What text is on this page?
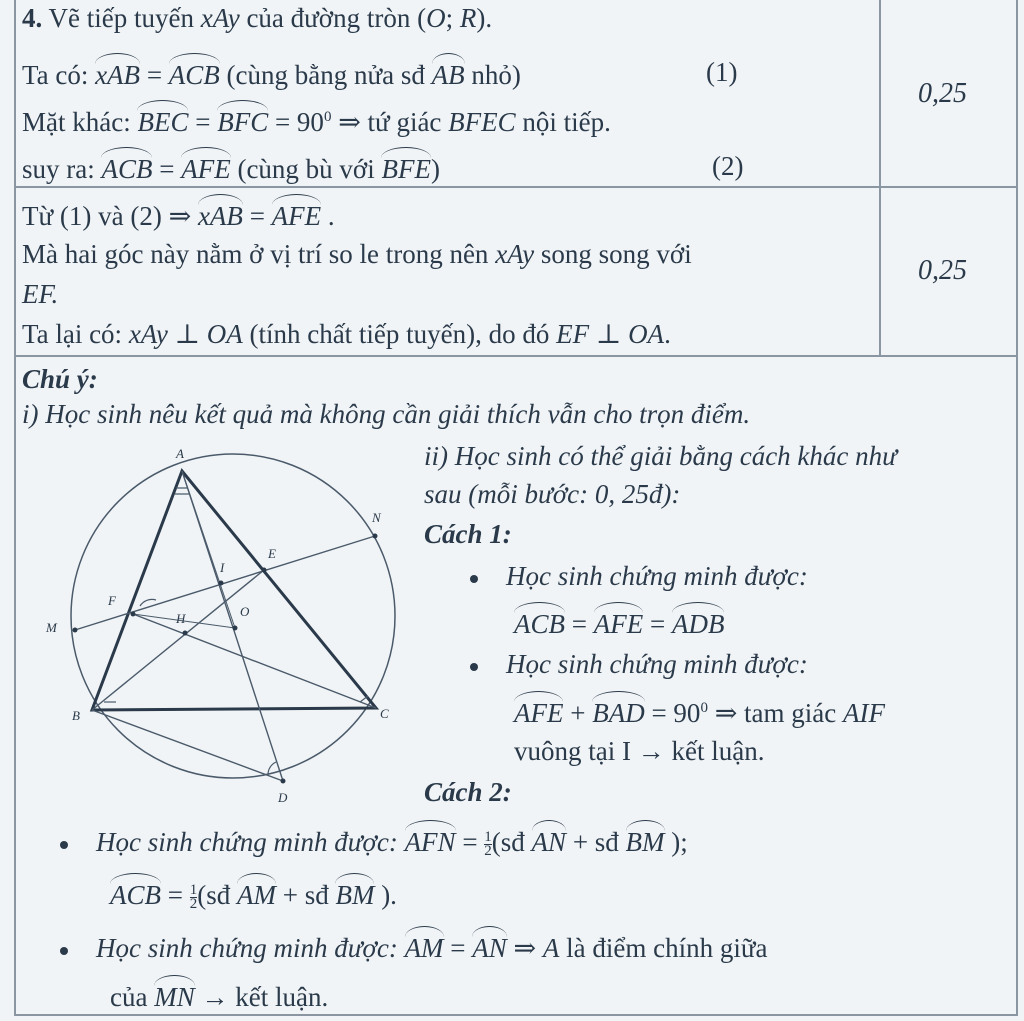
4. Vẽ tiếp tuyến xAy của đường tròn (O; R).
Ta có: xAB = ACB (cùng bằng nửa sđ AB nhỏ)	(1)
Mặt khác: BEC = BFC = $90^0$ ⇒ tứ giác BFEC nội tiếp.
suy ra: ACB = AFE (cùng bù với BFE)	(2)
0,25
Từ (1) và (2) ⇒ xAB = AFE .
Mà hai góc này nằm ở vị trí so le trong nên xAy song song với
EF.
Ta lại có: xAy ⊥ OA (tính chất tiếp tuyến), do đó EF ⊥ OA.
0,25
Chú ý:
i) Học sinh nêu kết quả mà không cần giải thích vẫn cho trọn điểm.
ii) Học sinh có thể giải bằng cách khác như
sau (mỗi bước: 0, 25đ):
Cách 1:
Học sinh chứng minh được:
ACB = AFE = ADB
Học sinh chứng minh được:
AFE + BAD = $90^0$ ⇒ tam giác AIF
vuông tại I → kết luận.
Cách 2:
Học sinh chứng minh được: AFN = $\frac{1}{2}$ (sđ AN + sđ BM );
ACB = $\frac{1}{2}$ (sđ AM + sđ BM ).
Học sinh chứng minh được: AM = AN ⇒ A là điểm chính giữa
của MN → kết luận.
A
B	C
D
E
F
H
I
O
M
N
